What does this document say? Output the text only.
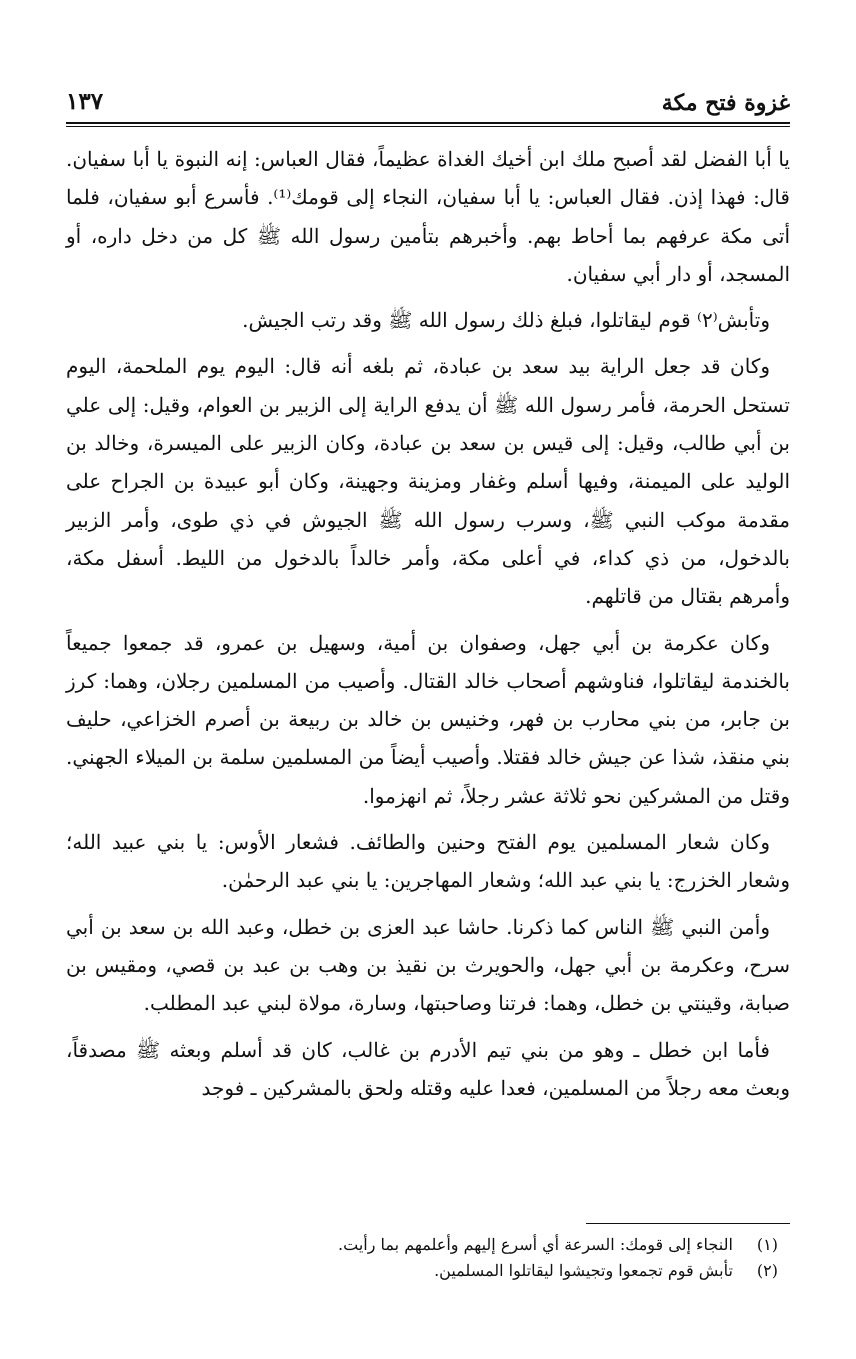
غزوة فتح مكة
١٣٧

يا أبا الفضل لقد أصبح ملك ابن أخيك الغداة عظيماً، فقال العباس: إنه النبوة يا أبا سفيان. قال: فهذا إذن. فقال العباس: يا أبا سفيان، النجاء إلى قومك⁽¹⁾. فأسرع أبو سفيان، فلما أتى مكة عرفهم بما أحاط بهم. وأخبرهم بتأمين رسول الله ﷺ كل من دخل داره، أو المسجد، أو دار أبي سفيان.

وتأبش⁽٢⁾ قوم ليقاتلوا، فبلغ ذلك رسول الله ﷺ وقد رتب الجيش.

وكان قد جعل الراية بيد سعد بن عبادة، ثم بلغه أنه قال: اليوم يوم الملحمة، اليوم تستحل الحرمة، فأمر رسول الله ﷺ أن يدفع الراية إلى الزبير بن العوام، وقيل: إلى علي بن أبي طالب، وقيل: إلى قيس بن سعد بن عبادة، وكان الزبير على الميسرة، وخالد بن الوليد على الميمنة، وفيها أسلم وغفار ومزينة وجهينة، وكان أبو عبيدة بن الجراح على مقدمة موكب النبي ﷺ، وسرب رسول الله ﷺ الجيوش في ذي طوى، وأمر الزبير بالدخول، من ذي كداء، في أعلى مكة، وأمر خالداً بالدخول من الليط. أسفل مكة، وأمرهم بقتال من قاتلهم.

وكان عكرمة بن أبي جهل، وصفوان بن أمية، وسهيل بن عمرو، قد جمعوا جميعاً بالخندمة ليقاتلوا، فناوشهم أصحاب خالد القتال. وأصيب من المسلمين رجلان، وهما: كرز بن جابر، من بني محارب بن فهر، وخنيس بن خالد بن ربيعة بن أصرم الخزاعي، حليف بني منقذ، شذا عن جيش خالد فقتلا. وأصيب أيضاً من المسلمين سلمة بن الميلاء الجهني. وقتل من المشركين نحو ثلاثة عشر رجلاً، ثم انهزموا.

وكان شعار المسلمين يوم الفتح وحنين والطائف. فشعار الأوس: يا بني عبيد الله؛ وشعار الخزرج: يا بني عبد الله؛ وشعار المهاجرين: يا بني عبد الرحمٰن.

وأمن النبي ﷺ الناس كما ذكرنا. حاشا عبد العزى بن خطل، وعبد الله بن سعد بن أبي سرح، وعكرمة بن أبي جهل، والحويرث بن نقيذ بن وهب بن عبد بن قصي، ومقيس بن صبابة، وقينتي بن خطل، وهما: فرتنا وصاحبتها، وسارة، مولاة لبني عبد المطلب.

فأما ابن خطل ـ وهو من بني تيم الأدرم بن غالب، كان قد أسلم وبعثه ﷺ مصدقاً، وبعث معه رجلاً من المسلمين، فعدا عليه وقتله ولحق بالمشركين ـ فوجد

(١) النجاء إلى قومك: السرعة أي أسرع إليهم وأعلمهم بما رأيت.
(٢) تأبش قوم تجمعوا وتجيشوا ليقاتلوا المسلمين.
